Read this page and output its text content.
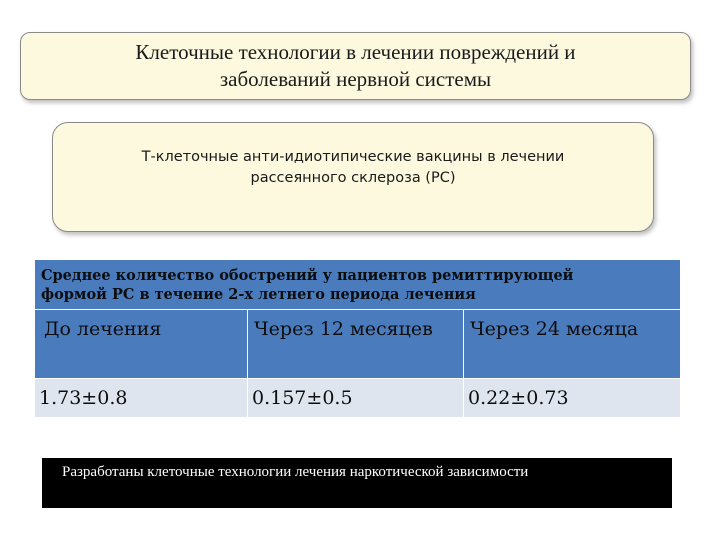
Клеточные технологии в лечении повреждений и
заболеваний нервной системы
Т-клеточные анти-идиотипические вакцины в лечении
рассеянного склероза (РС)
Среднее количество обострений у пациентов ремиттирующей
формой РС в течение 2-х летнего периода лечения		

До лечения	Через 12 месяцев	Через 24 месяца
1.73±0.8	0.157±0.5	0.22±0.73
Разработаны клеточные технологии лечения наркотической зависимости
